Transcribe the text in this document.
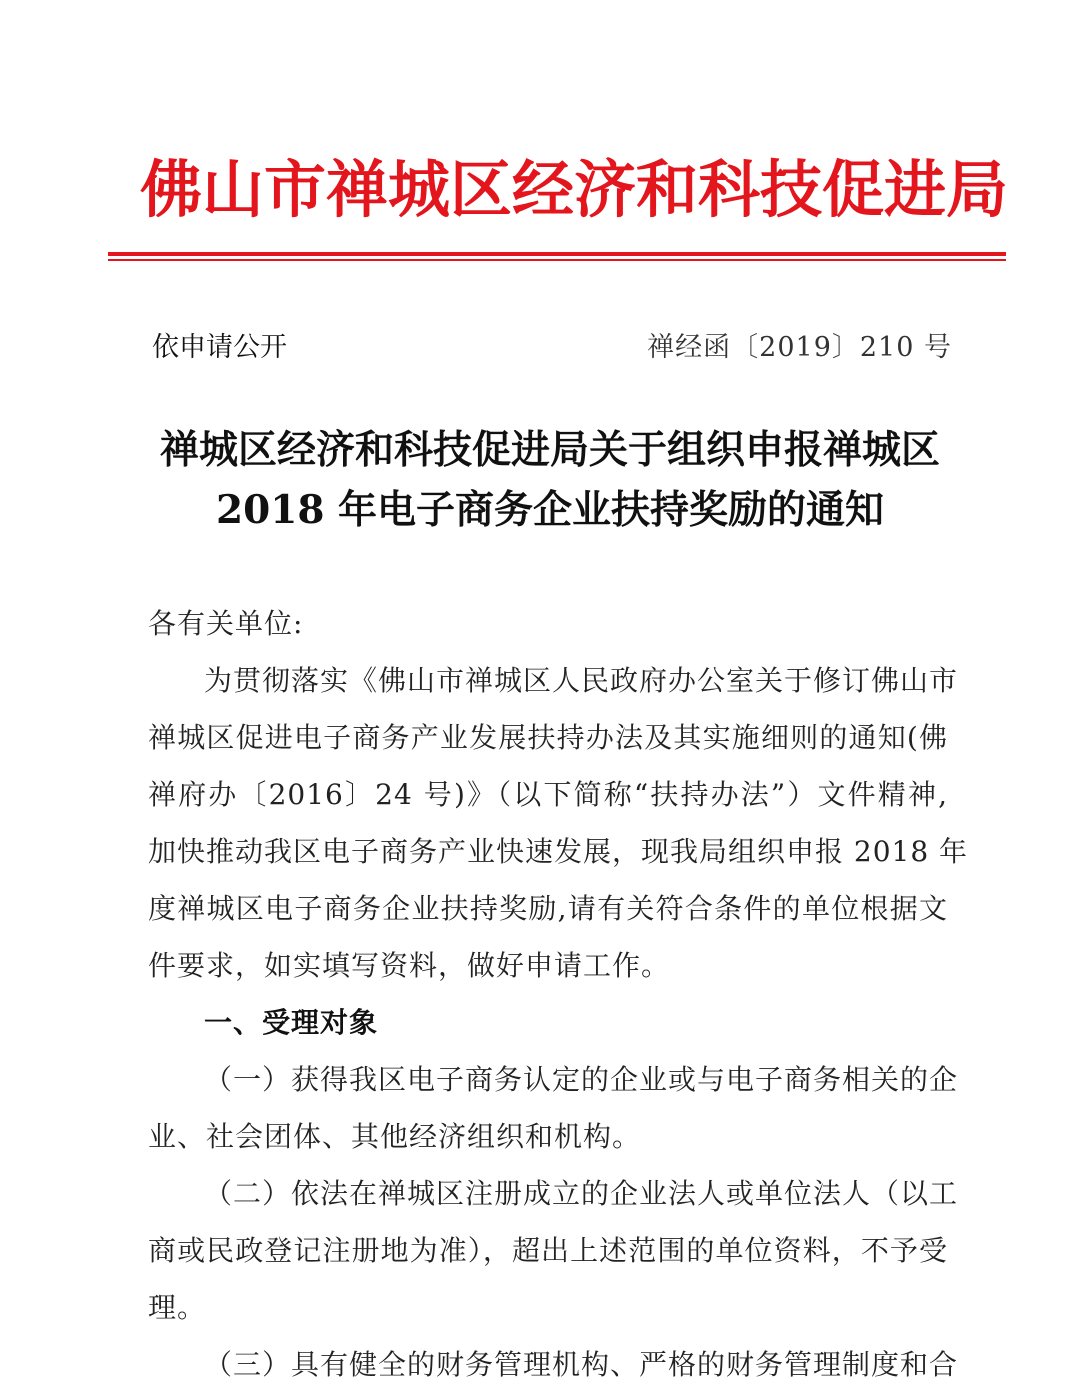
佛山市禅城区经济和科技促进局
依申请公开	禅经函〔2019〕210 号
禅城区经济和科技促进局关于组织申报禅城区
2018 年电子商务企业扶持奖励的通知
各有关单位:
为贯彻落实《佛山市禅城区人民政府办公室关于修订佛山市
禅城区促进电子商务产业发展扶持办法及其实施细则的通知(佛
禅府办〔2016〕24 号)》（以下简称“扶持办法”）文件精神,
加快推动我区电子商务产业快速发展，现我局组织申报 2018 年
度禅城区电子商务企业扶持奖励,请有关符合条件的单位根据文
件要求，如实填写资料，做好申请工作。
一、受理对象
（一）获得我区电子商务认定的企业或与电子商务相关的企
业、社会团体、其他经济组织和机构。
（二）依法在禅城区注册成立的企业法人或单位法人（以工
商或民政登记注册地为准），超出上述范围的单位资料，不予受
理。
（三）具有健全的财务管理机构、严格的财务管理制度和合
